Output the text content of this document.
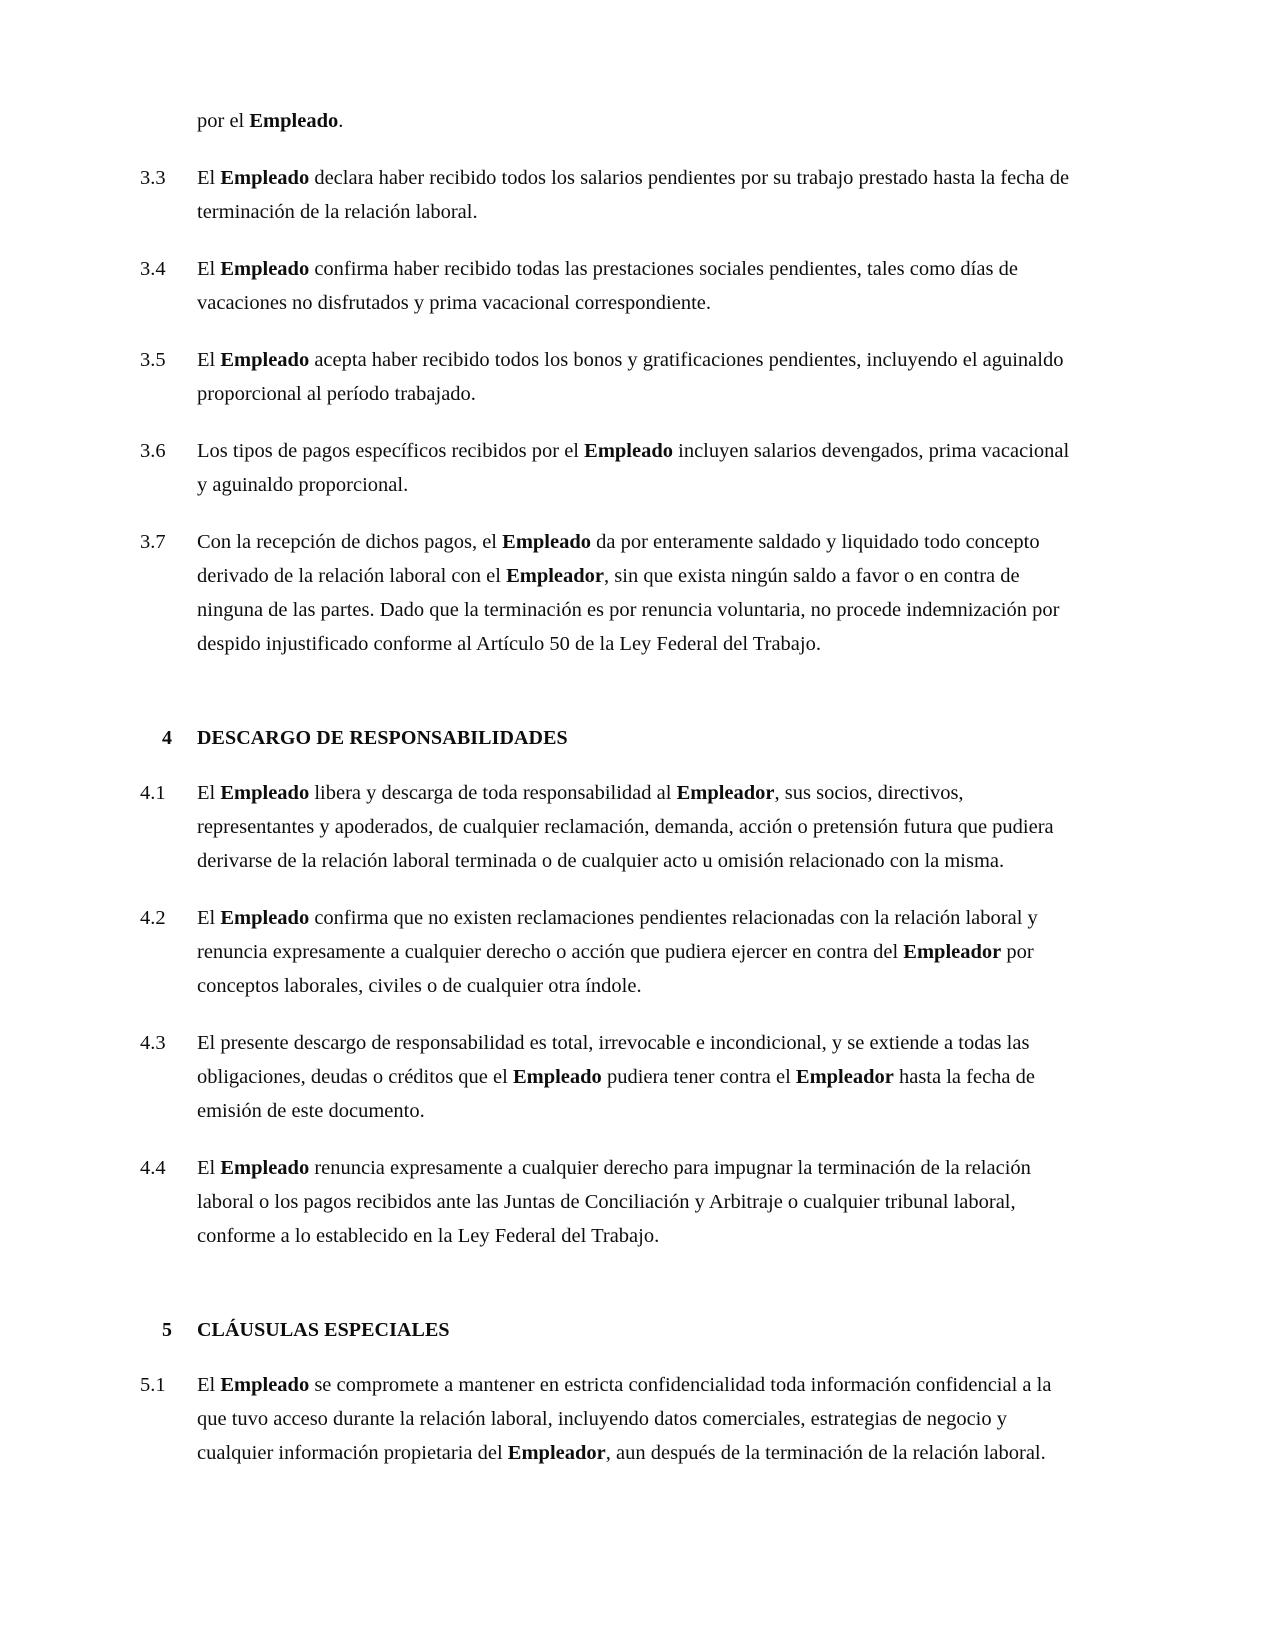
por el Empleado.

3.3	El Empleado declara haber recibido todos los salarios pendientes por su trabajo prestado hasta la fecha de terminación de la relación laboral.
3.4	El Empleado confirma haber recibido todas las prestaciones sociales pendientes, tales como días de vacaciones no disfrutados y prima vacacional correspondiente.
3.5	El Empleado acepta haber recibido todos los bonos y gratificaciones pendientes, incluyendo el aguinaldo proporcional al período trabajado.
3.6	Los tipos de pagos específicos recibidos por el Empleado incluyen salarios devengados, prima vacacional y aguinaldo proporcional.
3.7	Con la recepción de dichos pagos, el Empleado da por enteramente saldado y liquidado todo concepto derivado de la relación laboral con el Empleador, sin que exista ningún saldo a favor o en contra de ninguna de las partes. Dado que la terminación es por renuncia voluntaria, no procede indemnización por despido injustificado conforme al Artículo 50 de la Ley Federal del Trabajo.
4	DESCARGO DE RESPONSABILIDADES
4.1	El Empleado libera y descarga de toda responsabilidad al Empleador, sus socios, directivos, representantes y apoderados, de cualquier reclamación, demanda, acción o pretensión futura que pudiera derivarse de la relación laboral terminada o de cualquier acto u omisión relacionado con la misma.
4.2	El Empleado confirma que no existen reclamaciones pendientes relacionadas con la relación laboral y renuncia expresamente a cualquier derecho o acción que pudiera ejercer en contra del Empleador por conceptos laborales, civiles o de cualquier otra índole.
4.3	El presente descargo de responsabilidad es total, irrevocable e incondicional, y se extiende a todas las obligaciones, deudas o créditos que el Empleado pudiera tener contra el Empleador hasta la fecha de emisión de este documento.
4.4	El Empleado renuncia expresamente a cualquier derecho para impugnar la terminación de la relación laboral o los pagos recibidos ante las Juntas de Conciliación y Arbitraje o cualquier tribunal laboral, conforme a lo establecido en la Ley Federal del Trabajo.
5	CLÁUSULAS ESPECIALES
5.1	El Empleado se compromete a mantener en estricta confidencialidad toda información confidencial a la que tuvo acceso durante la relación laboral, incluyendo datos comerciales, estrategias de negocio y cualquier información propietaria del Empleador, aun después de la terminación de la relación laboral.
